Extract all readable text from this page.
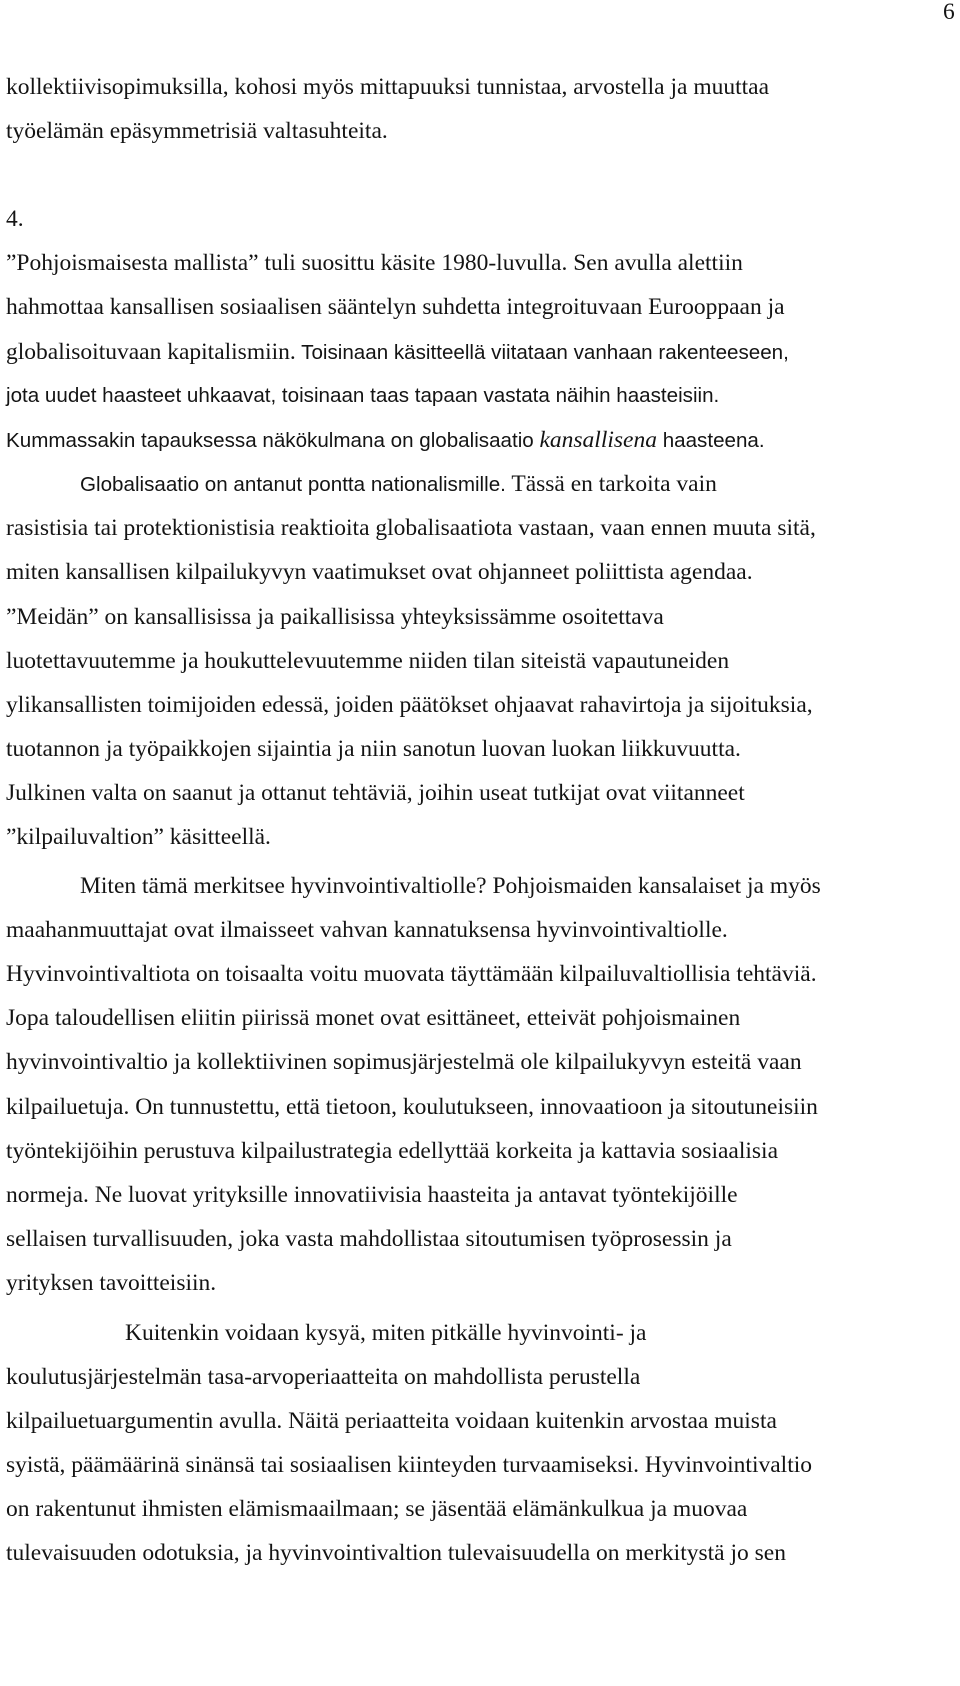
6
kollektiivisopimuksilla, kohosi myös mittapuuksi tunnistaa, arvostella ja muuttaa
työelämän epäsymmetrisiä valtasuhteita.
4.
”Pohjoismaisesta mallista” tuli suosittu käsite 1980-luvulla. Sen avulla alettiin
hahmottaa kansallisen sosiaalisen sääntelyn suhdetta integroituvaan Eurooppaan ja
globalisoituvaan kapitalismiin. Toisinaan käsitteellä viitataan vanhaan rakenteeseen,
jota uudet haasteet uhkaavat, toisinaan taas tapaan vastata näihin haasteisiin.
Kummassakin tapauksessa näkökulmana on globalisaatio kansallisena haasteena.
Globalisaatio on antanut pontta nationalismille. Tässä en tarkoita vain
rasistisia tai protektionistisia reaktioita globalisaatiota vastaan, vaan ennen muuta sitä,
miten kansallisen kilpailukyvyn vaatimukset ovat ohjanneet poliittista agendaa.
”Meidän” on kansallisissa ja paikallisissa yhteyksissämme osoitettava
luotettavuutemme ja houkuttelevuutemme niiden tilan siteistä vapautuneiden
ylikansallisten toimijoiden edessä, joiden päätökset ohjaavat rahavirtoja ja sijoituksia,
tuotannon ja työpaikkojen sijaintia ja niin sanotun luovan luokan liikkuvuutta.
Julkinen valta on saanut ja ottanut tehtäviä, joihin useat tutkijat ovat viitanneet
”kilpailuvaltion” käsitteellä.
Miten tämä merkitsee hyvinvointivaltiolle? Pohjoismaiden kansalaiset ja myös
maahanmuuttajat ovat ilmaisseet vahvan kannatuksensa hyvinvointivaltiolle.
Hyvinvointivaltiota on toisaalta voitu muovata täyttämään kilpailuvaltiollisia tehtäviä.
Jopa taloudellisen eliitin piirissä monet ovat esittäneet, etteivät pohjoismainen
hyvinvointivaltio ja kollektiivinen sopimusjärjestelmä ole kilpailukyvyn esteitä vaan
kilpailuetuja. On tunnustettu, että tietoon, koulutukseen, innovaatioon ja sitoutuneisiin
työntekijöihin perustuva kilpailustrategia edellyttää korkeita ja kattavia sosiaalisia
normeja. Ne luovat yrityksille innovatiivisia haasteita ja antavat työntekijöille
sellaisen turvallisuuden, joka vasta mahdollistaa sitoutumisen työprosessin ja
yrityksen tavoitteisiin.
Kuitenkin voidaan kysyä, miten pitkälle hyvinvointi- ja
koulutusjärjestelmän tasa-arvoperiaatteita on mahdollista perustella
kilpailuetuargumentin avulla. Näitä periaatteita voidaan kuitenkin arvostaa muista
syistä, päämäärinä sinänsä tai sosiaalisen kiinteyden turvaamiseksi. Hyvinvointivaltio
on rakentunut ihmisten elämismaailmaan; se jäsentää elämänkulkua ja muovaa
tulevaisuuden odotuksia, ja hyvinvointivaltion tulevaisuudella on merkitystä jo sen
